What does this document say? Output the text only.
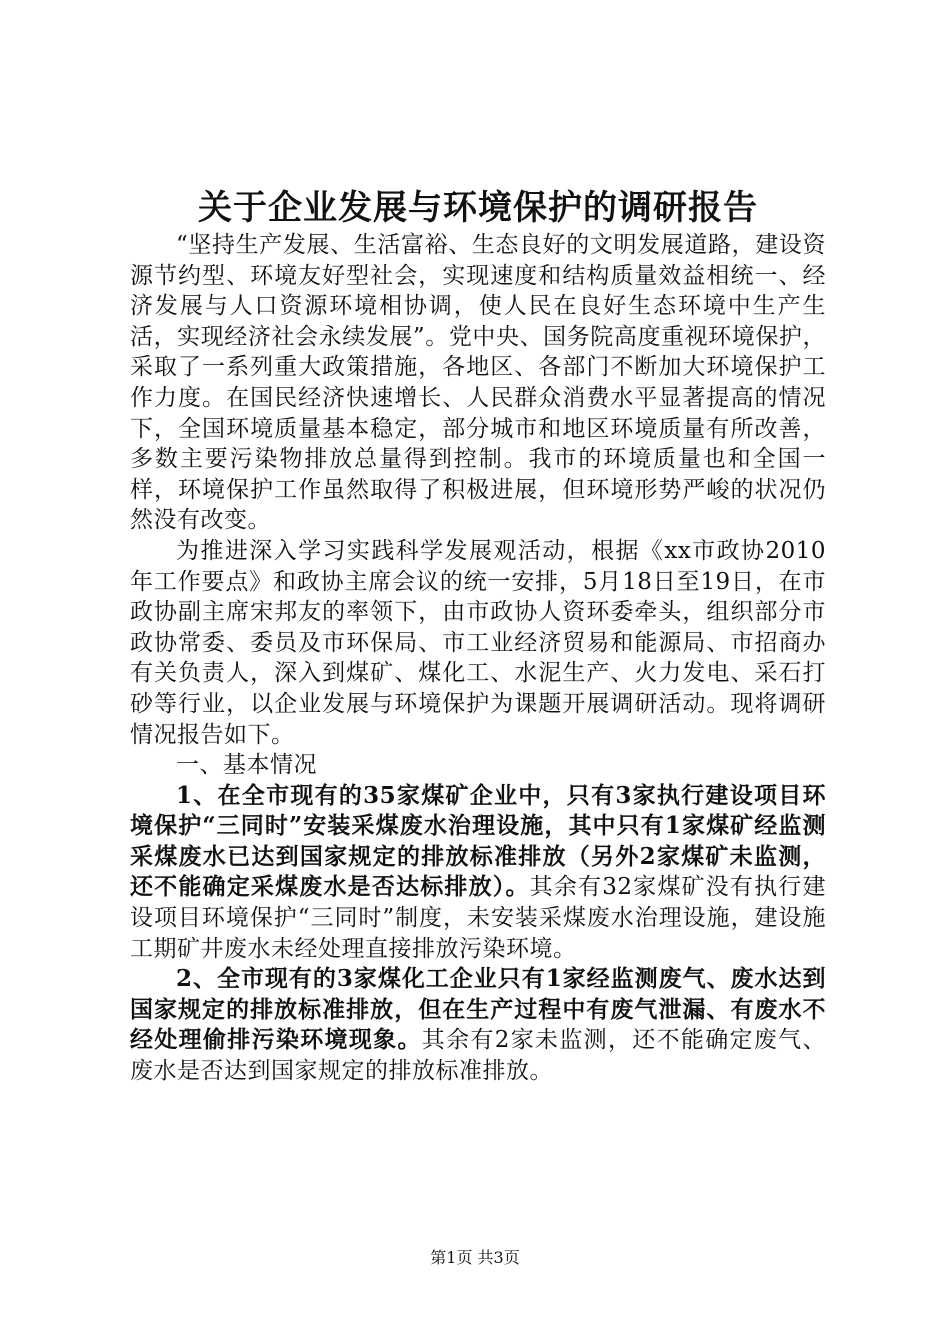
关于企业发展与环境保护的调研报告

“坚持生产发展、生活富裕、生态良好的文明发展道路，建设资源节约型、环境友好型社会，实现速度和结构质量效益相统一、经济发展与人口资源环境相协调，使人民在良好生态环境中生产生活，实现经济社会永续发展”。党中央、国务院高度重视环境保护，采取了一系列重大政策措施，各地区、各部门不断加大环境保护工作力度。在国民经济快速增长、人民群众消费水平显著提高的情况下，全国环境质量基本稳定，部分城市和地区环境质量有所改善，多数主要污染物排放总量得到控制。我市的环境质量也和全国一样，环境保护工作虽然取得了积极进展，但环境形势严峻的状况仍然没有改变。

为推进深入学习实践科学发展观活动，根据《xx市政协2010年工作要点》和政协主席会议的统一安排，5月18日至19日，在市政协副主席宋邦友的率领下，由市政协人资环委牵头，组织部分市政协常委、委员及市环保局、市工业经济贸易和能源局、市招商办有关负责人，深入到煤矿、煤化工、水泥生产、火力发电、采石打砂等行业，以企业发展与环境保护为课题开展调研活动。现将调研情况报告如下。

一、基本情况

1、在全市现有的35家煤矿企业中，只有3家执行建设项目环境保护“三同时”安装采煤废水治理设施，其中只有1家煤矿经监测采煤废水已达到国家规定的排放标准排放（另外2家煤矿未监测，还不能确定采煤废水是否达标排放）。其余有32家煤矿没有执行建设项目环境保护“三同时”制度，未安装采煤废水治理设施，建设施工期矿井废水未经处理直接排放污染环境。

2、全市现有的3家煤化工企业只有1家经监测废气、废水达到国家规定的排放标准排放，但在生产过程中有废气泄漏、有废水不经处理偷排污染环境现象。其余有2家未监测，还不能确定废气、废水是否达到国家规定的排放标准排放。

第1页 共3页
